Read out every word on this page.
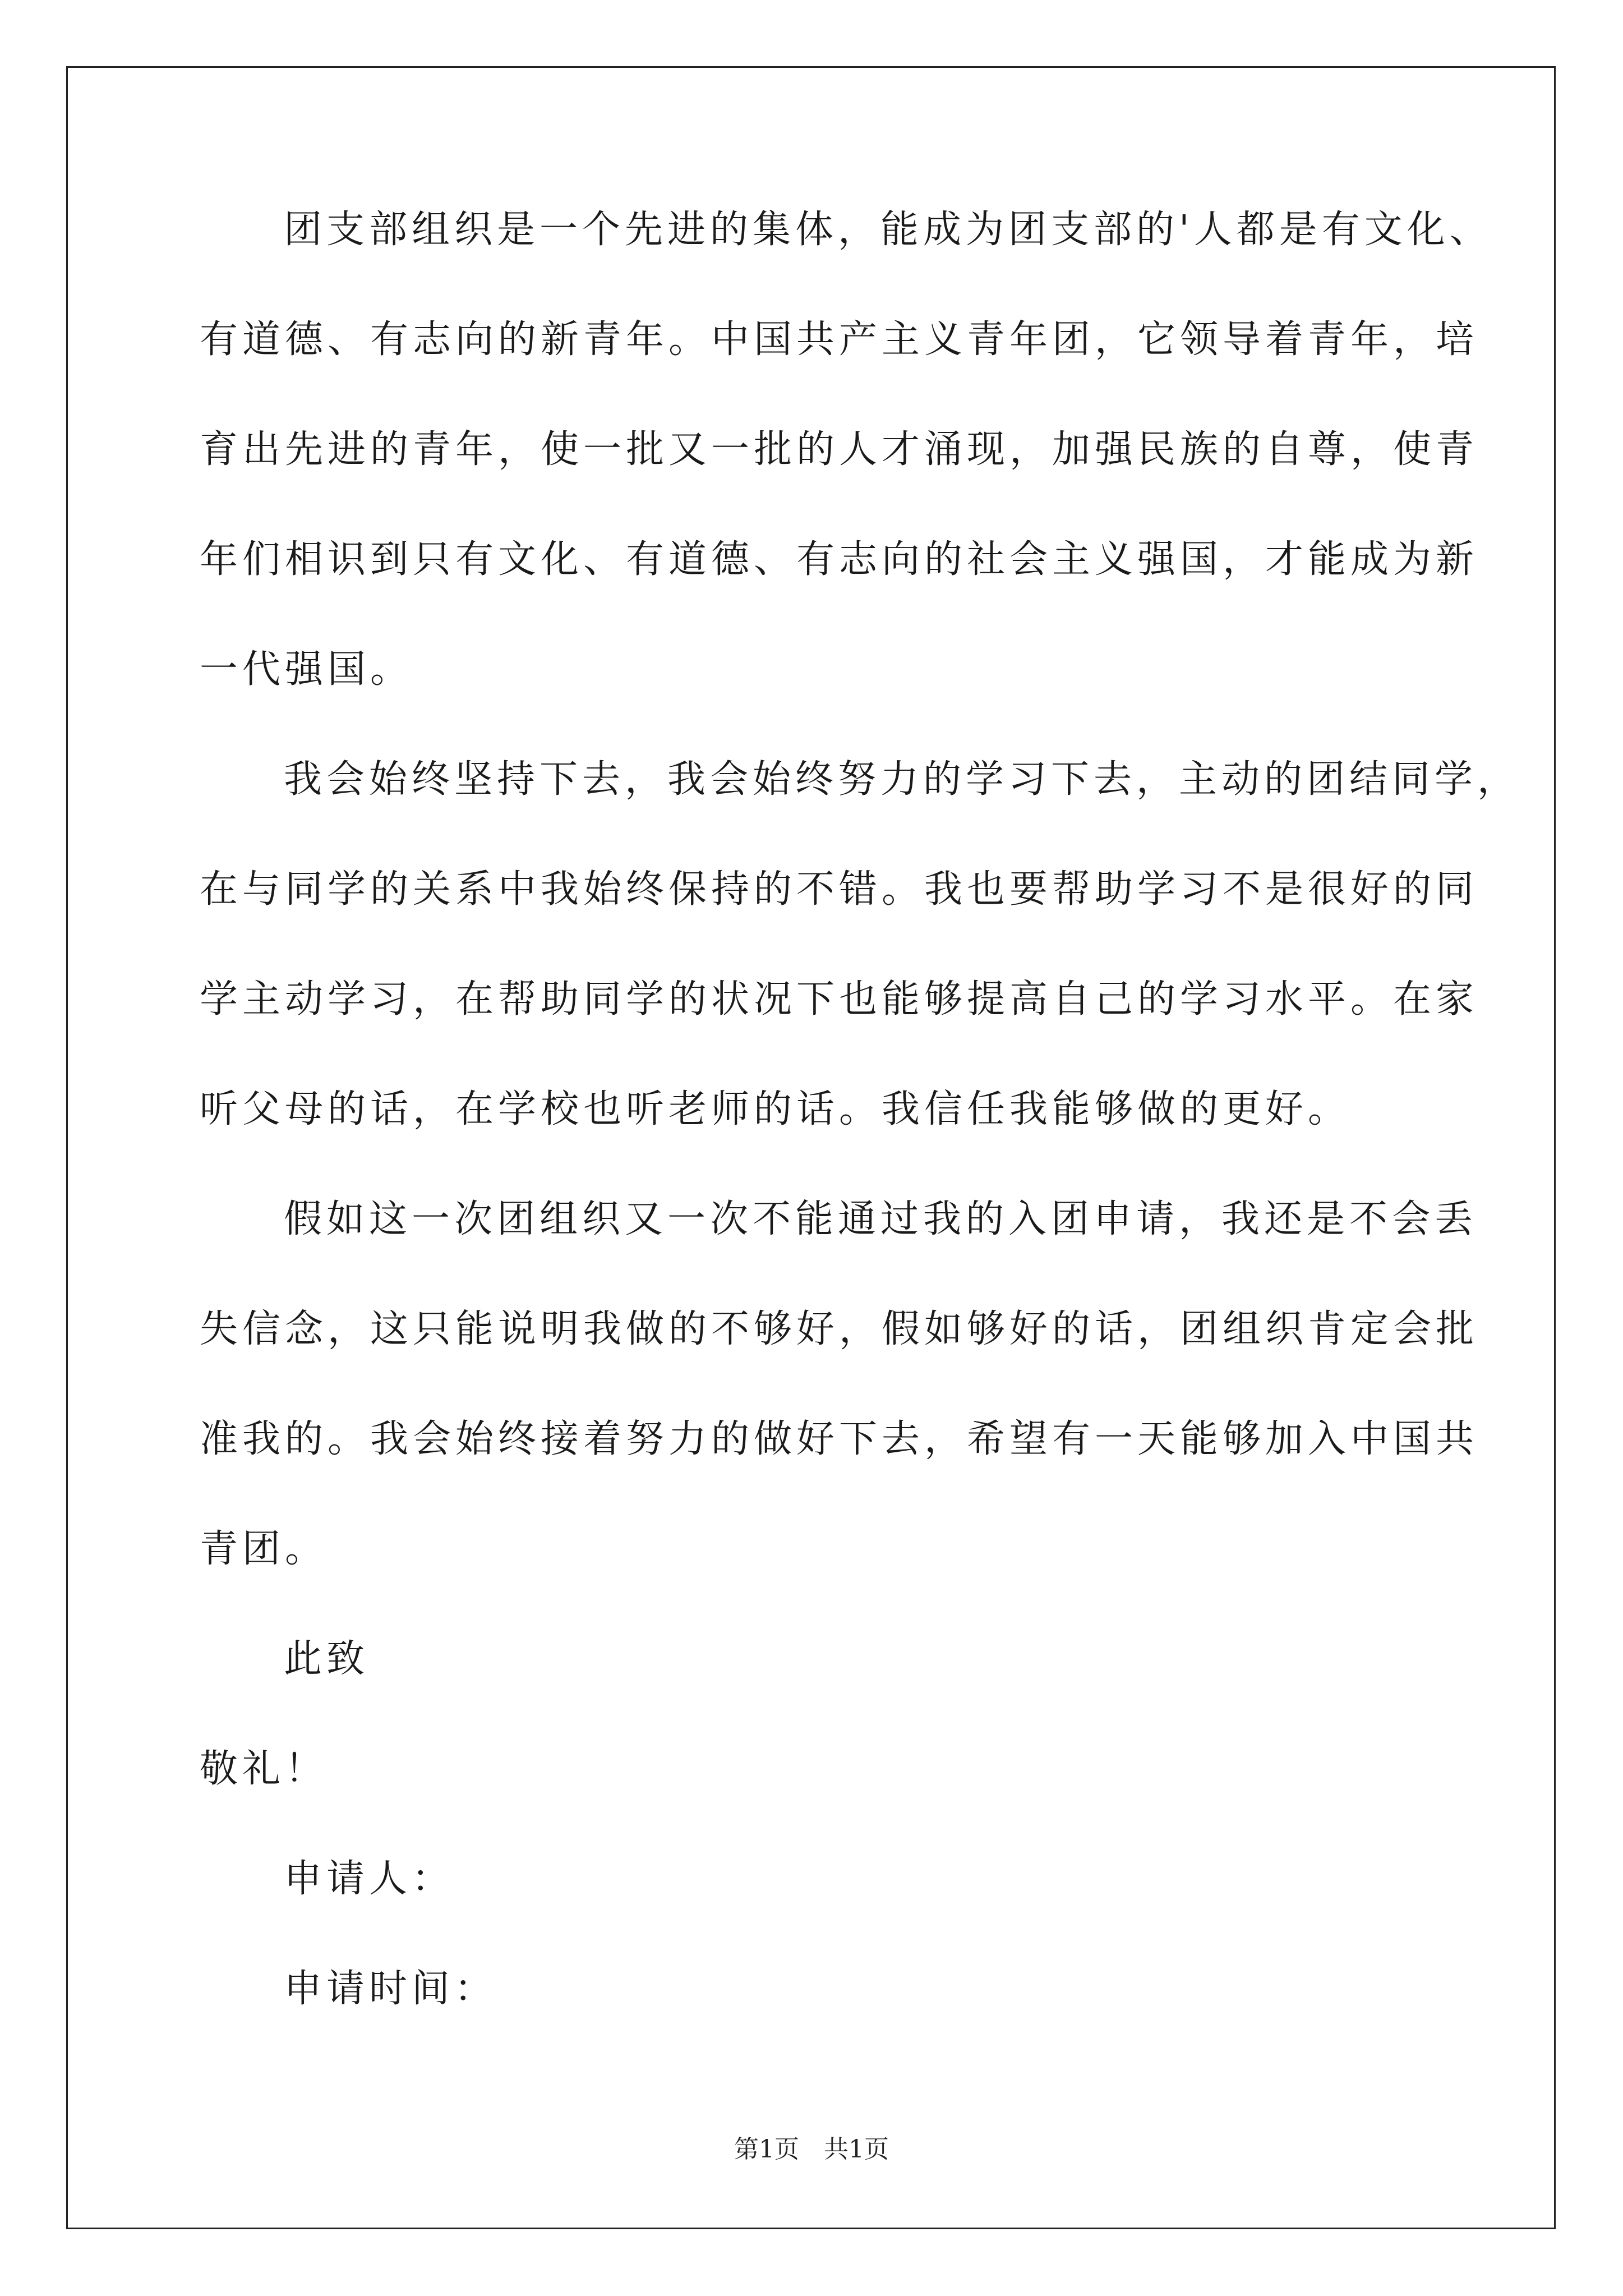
团支部组织是一个先进的集体，能成为团支部的'人都是有文化、
有道德、有志向的新青年。中国共产主义青年团，它领导着青年，培
育出先进的青年，使一批又一批的人才涌现，加强民族的自尊，使青
年们相识到只有文化、有道德、有志向的社会主义强国，才能成为新
一代强国。
我会始终坚持下去，我会始终努力的学习下去，主动的团结同学，
在与同学的关系中我始终保持的不错。我也要帮助学习不是很好的同
学主动学习，在帮助同学的状况下也能够提高自己的学习水平。在家
听父母的话，在学校也听老师的话。我信任我能够做的更好。
假如这一次团组织又一次不能通过我的入团申请，我还是不会丢
失信念，这只能说明我做的不够好，假如够好的话，团组织肯定会批
准我的。我会始终接着努力的做好下去，希望有一天能够加入中国共
青团。
此致
敬礼！
申请人：
申请时间：
第1页　共1页
